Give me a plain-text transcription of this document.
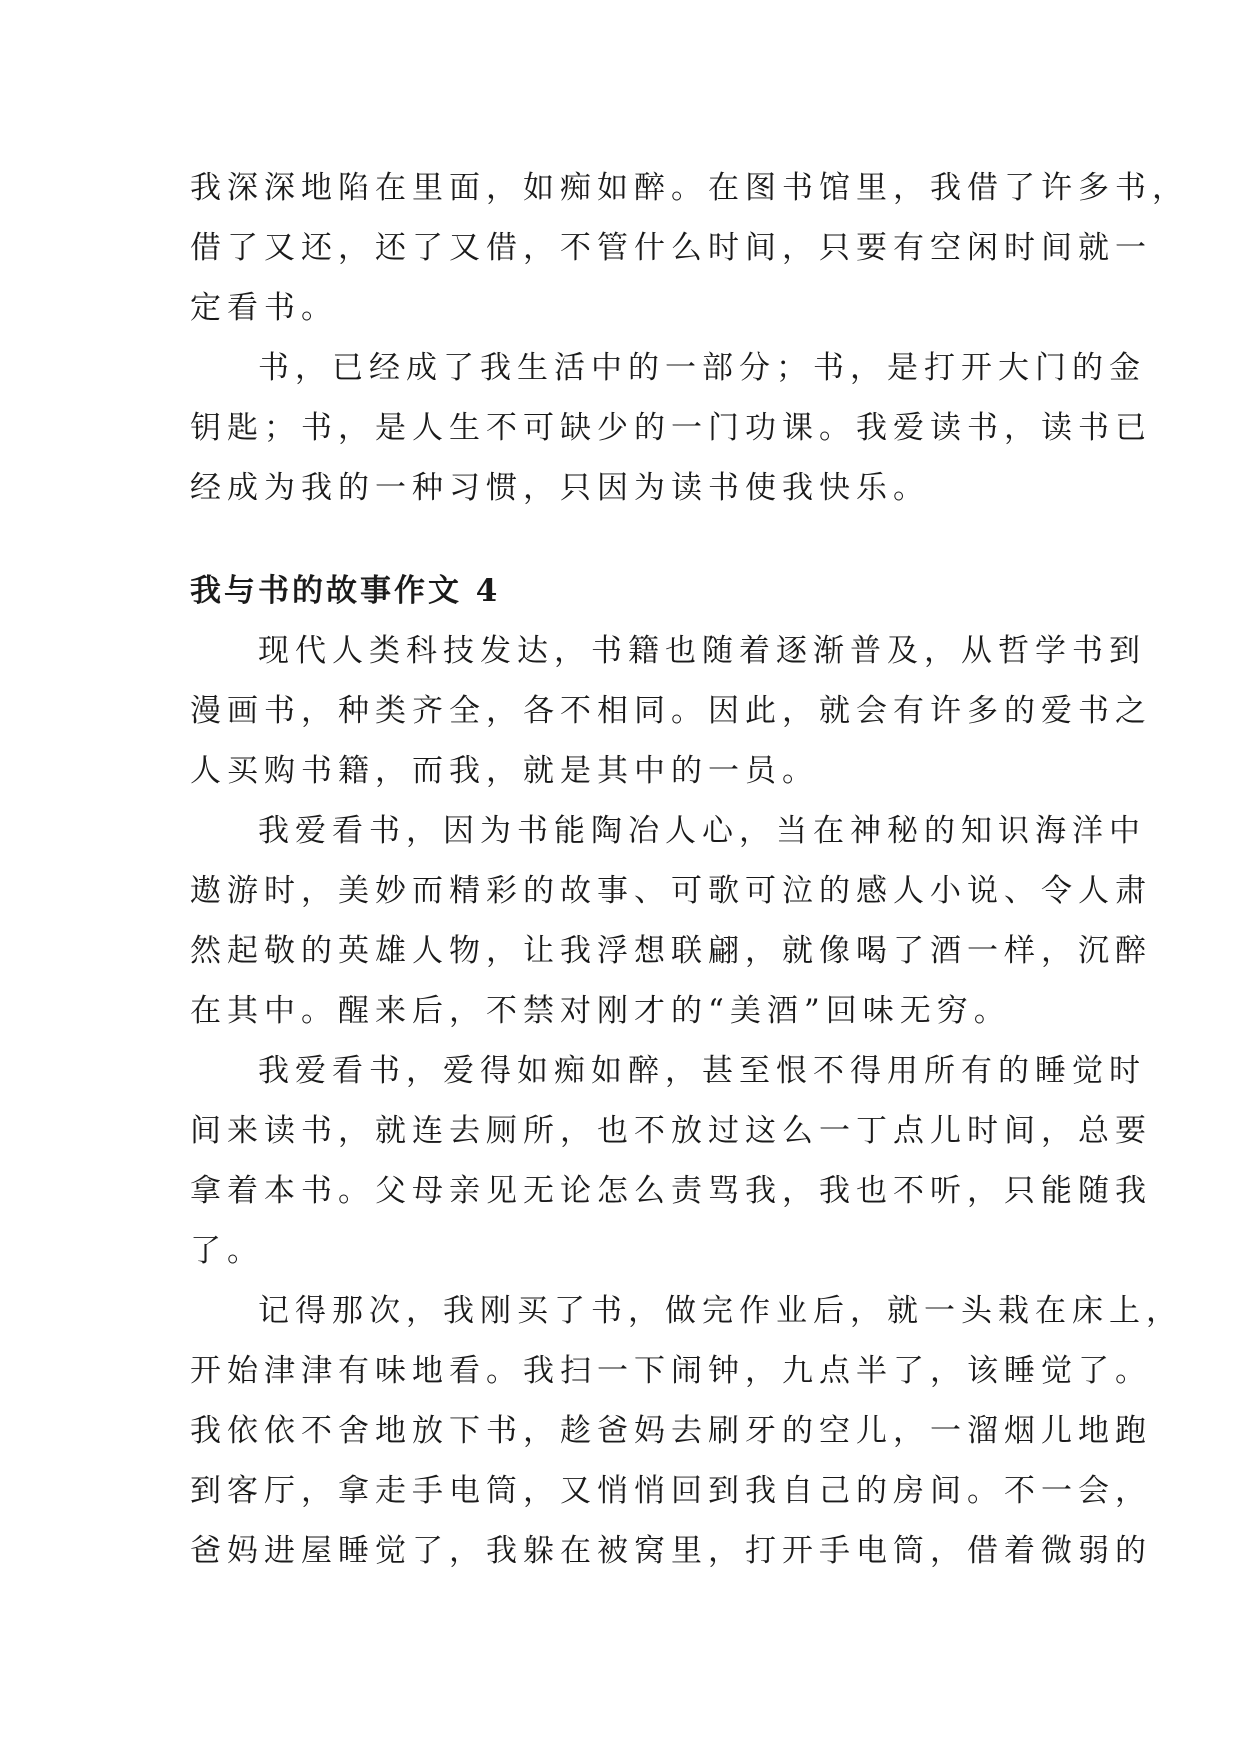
我深深地陷在里面，如痴如醉。在图书馆里，我借了许多书，

借了又还，还了又借，不管什么时间，只要有空闲时间就一

定看书。

书，已经成了我生活中的一部分；书，是打开大门的金

钥匙；书，是人生不可缺少的一门功课。我爱读书，读书已

经成为我的一种习惯，只因为读书使我快乐。

我与书的故事作文 4

现代人类科技发达，书籍也随着逐渐普及，从哲学书到

漫画书，种类齐全，各不相同。因此，就会有许多的爱书之

人买购书籍，而我，就是其中的一员。

我爱看书，因为书能陶冶人心，当在神秘的知识海洋中

遨游时，美妙而精彩的故事、可歌可泣的感人小说、令人肃

然起敬的英雄人物，让我浮想联翩，就像喝了酒一样，沉醉

在其中。醒来后，不禁对刚才的“美酒”回味无穷。

我爱看书，爱得如痴如醉，甚至恨不得用所有的睡觉时

间来读书，就连去厕所，也不放过这么一丁点儿时间，总要

拿着本书。父母亲见无论怎么责骂我，我也不听，只能随我

了。

记得那次，我刚买了书，做完作业后，就一头栽在床上，

开始津津有味地看。我扫一下闹钟，九点半了，该睡觉了。

我依依不舍地放下书，趁爸妈去刷牙的空儿，一溜烟儿地跑

到客厅，拿走手电筒，又悄悄回到我自己的房间。不一会，

爸妈进屋睡觉了，我躲在被窝里，打开手电筒，借着微弱的
